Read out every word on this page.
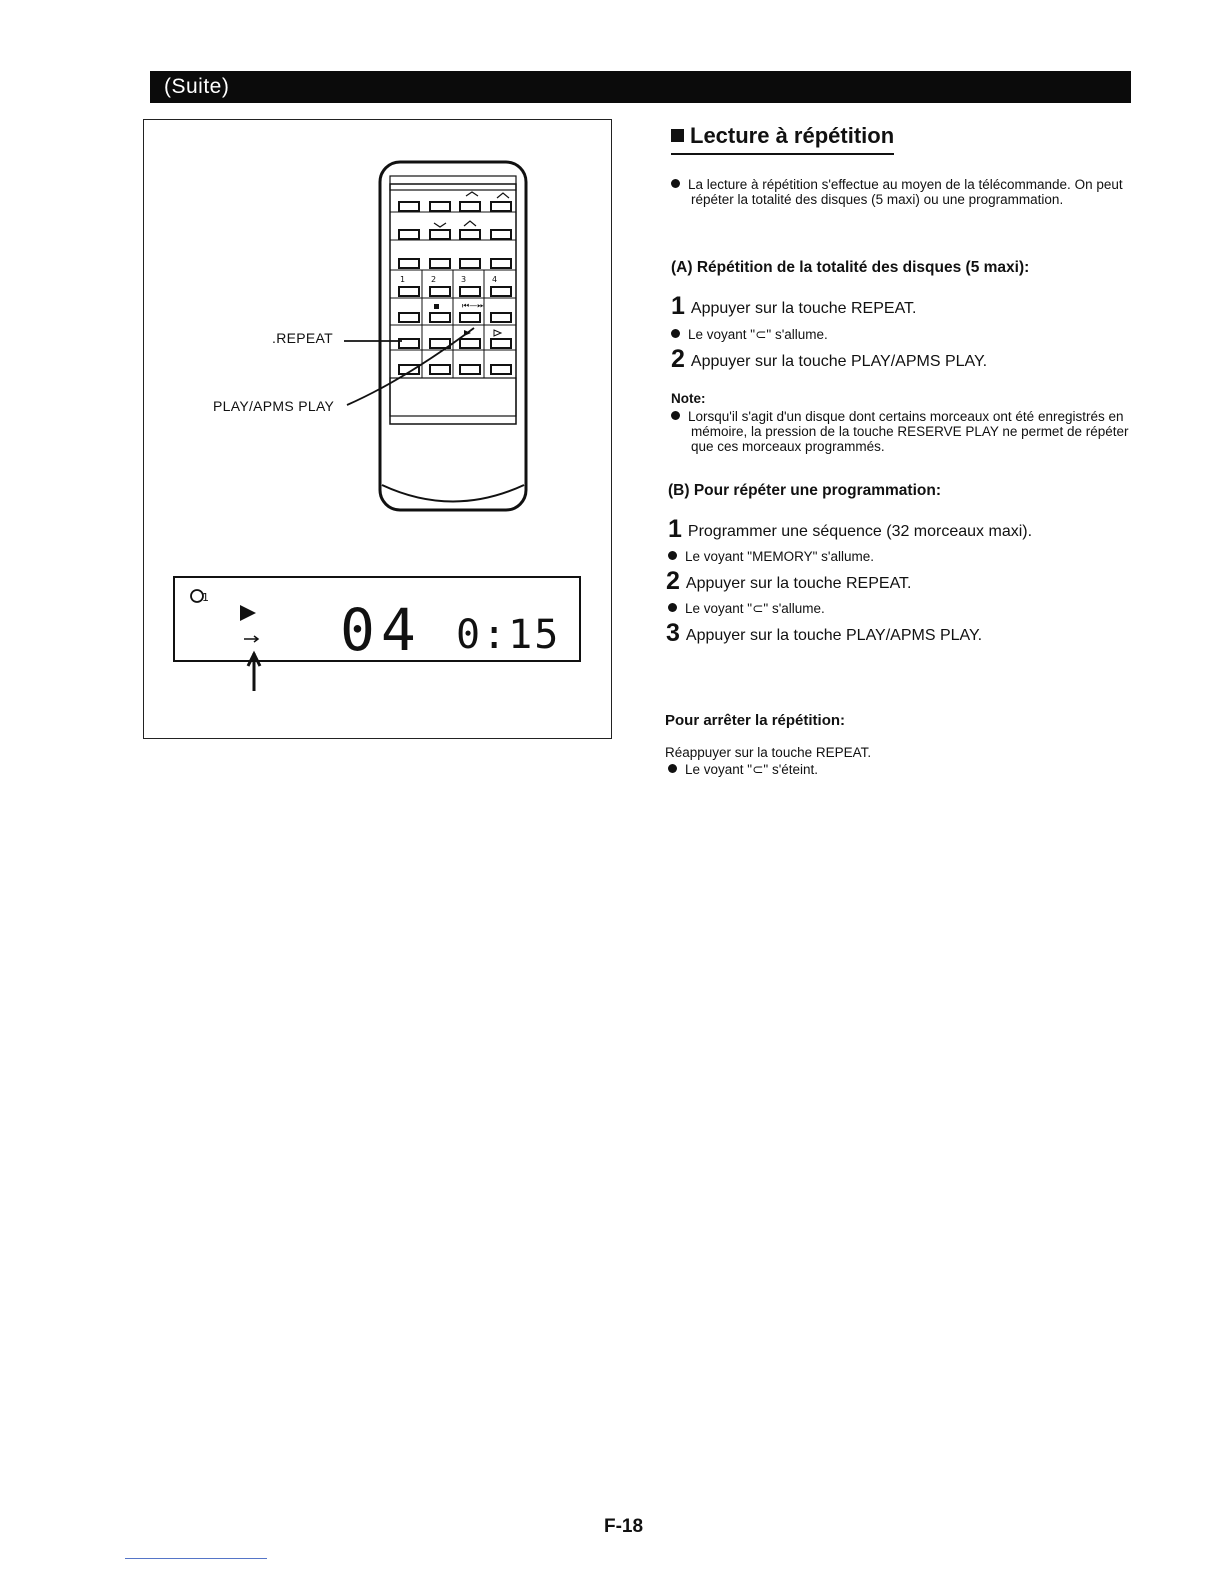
(Suite)
1	2	3	4
⏮—⏭
1 04 0:15
.REPEAT
PLAY/APMS PLAY
Lecture à répétition
La lecture à répétition s'effectue au moyen de la télécommande. On peut répéter la totalité des disques (5 maxi) ou une programmation.
(A) Répétition de la totalité des disques (5 maxi):
1 Appuyer sur la touche REPEAT.
Le voyant "⊂" s'allume.
2 Appuyer sur la touche PLAY/APMS PLAY.
Note:
Lorsqu'il s'agit d'un disque dont certains morceaux ont été enregistrés en mémoire, la pression de la touche RESERVE PLAY ne permet de répéter que ces morceaux programmés.
(B) Pour répéter une programmation:
1 Programmer une séquence (32 morceaux maxi).
Le voyant "MEMORY" s'allume.
2 Appuyer sur la touche REPEAT.
Le voyant "⊂" s'allume.
3 Appuyer sur la touche PLAY/APMS PLAY.
Pour arrêter la répétition:
Réappuyer sur la touche REPEAT.
Le voyant "⊂" s'éteint.
F-18
